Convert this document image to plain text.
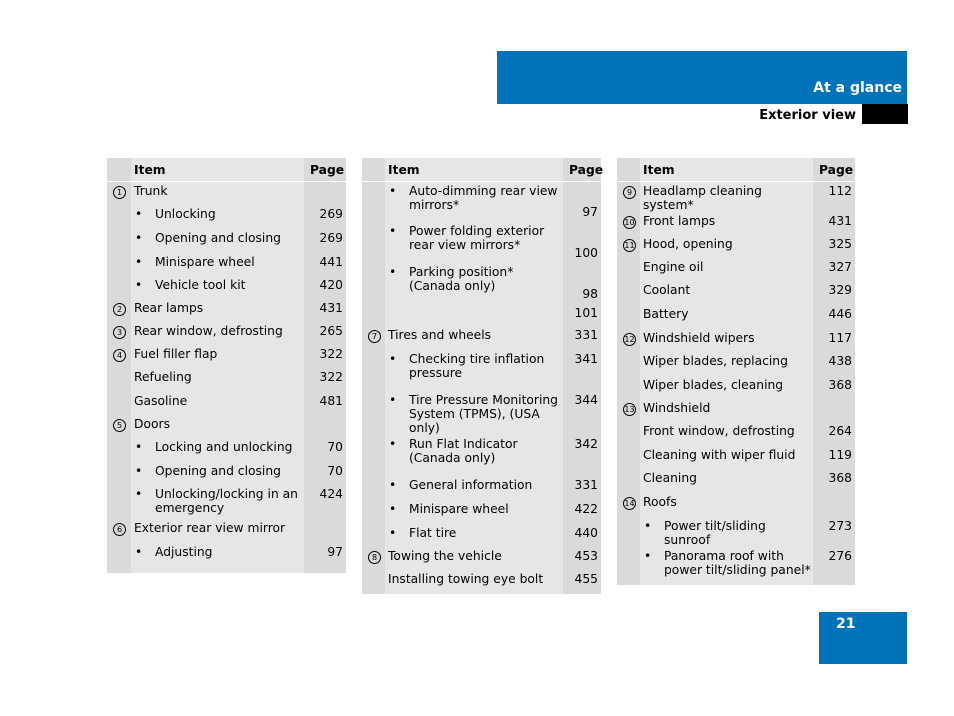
At a glance
Exterior view
	Item	Page
1	Trunk	

	• Unlocking	269

	• Opening and closing	269

	• Minispare wheel	441

	• Vehicle tool kit	420
2	Rear lamps	431
3	Rear window, defrosting	265
4	Fuel filler flap	322
	Refueling	322
	Gasoline	481
5	Doors	

	• Locking and unlocking	70

	• Opening and closing	70

	• Unlocking/locking in an emergency	424
6	Exterior rear view mirror	

	• Adjusting	97
	Item	Page

	• Auto-dimming rear view mirrors*	97

	• Power folding exterior rear view mirrors*	100

	• Parking position* (Canada only)	98
		101
7	Tires and wheels	331

	• Checking tire inflation pressure	341

	• Tire Pressure Monitoring System (TPMS), (USA only)	344

	• Run Flat Indicator (Canada only)	342

	• General information	331

	• Minispare wheel	422

	• Flat tire	440
8	Towing the vehicle	453
	Installing towing eye bolt	455
	Item	Page
9	Headlamp cleaning system*	112
10	Front lamps	431
11	Hood, opening	325
	Engine oil	327
	Coolant	329
	Battery	446
12	Windshield wipers	117
	Wiper blades, replacing	438
	Wiper blades, cleaning	368
13	Windshield	
	Front window, defrosting	264
	Cleaning with wiper fluid	119
	Cleaning	368
14	Roofs	

	• Power tilt/sliding sunroof	273

	• Panorama roof with power tilt/sliding panel*	276
21
